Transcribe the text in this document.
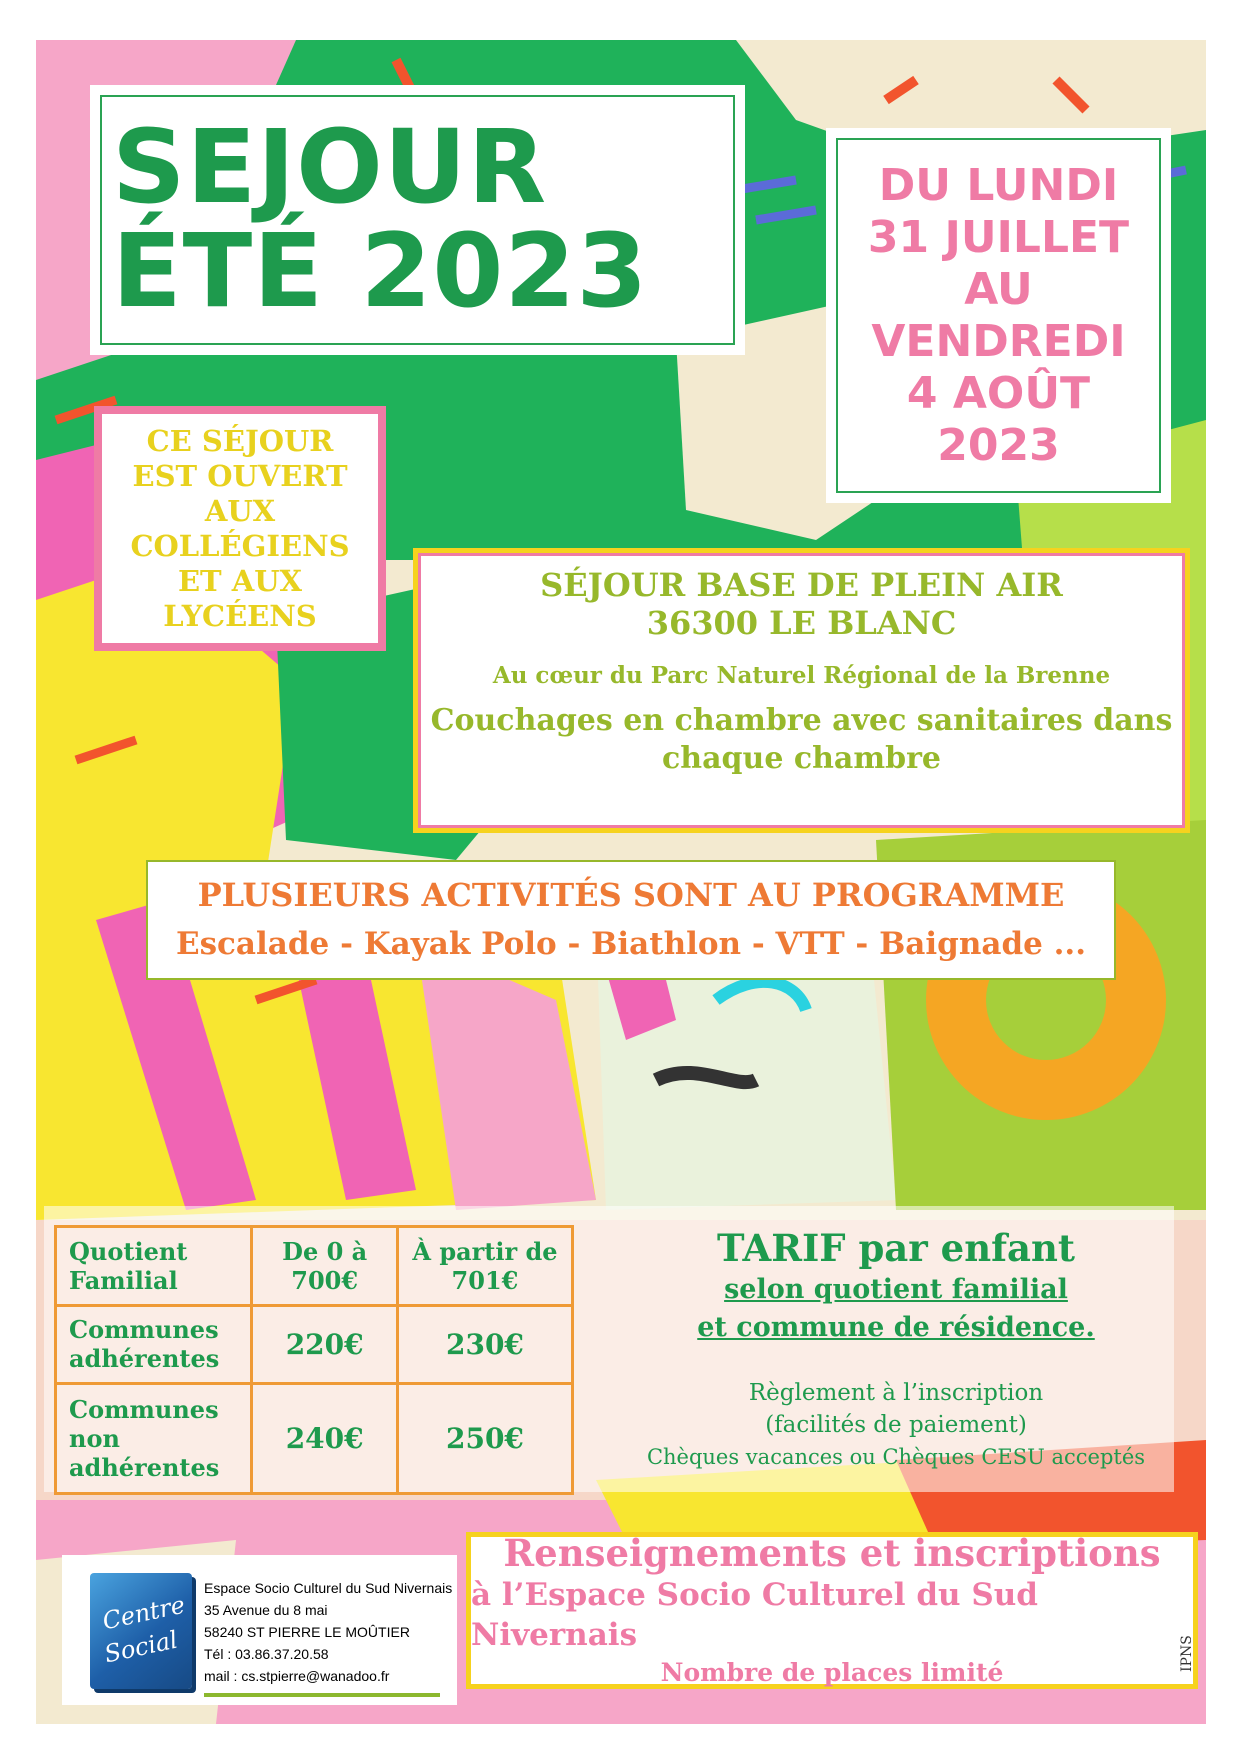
SEJOUR
ÉTÉ 2023
DU LUNDI
31 JUILLET
AU
VENDREDI
4 AOÛT
2023
CE SÉJOUR
EST OUVERT
AUX
COLLÉGIENS
ET AUX
LYCÉENS
SÉJOUR BASE DE PLEIN AIR
36300 LE BLANC
Au cœur du Parc Naturel Régional de la Brenne
Couchages en chambre avec sanitaires dans chaque chambre
PLUSIEURS ACTIVITÉS SONT AU PROGRAMME
Escalade - Kayak Polo - Biathlon - VTT - Baignade ...
Quotient Familial	De 0 à 700€	À partir de 701€
Communes adhérentes	220€	230€
Communes non adhérentes	240€	250€
TARIF par enfant
selon quotient familial
et commune de résidence.
Règlement à l’inscription
(facilités de paiement)
Chèques vacances ou Chèques CESU acceptés
Centre
Social
Espace Socio Culturel du Sud Nivernais
35 Avenue du 8 mai
58240 ST PIERRE LE MOÛTIER
Tél : 03.86.37.20.58
mail : cs.stpierre@wanadoo.fr
Renseignements et inscriptions
à l’Espace Socio Culturel du Sud Nivernais
Nombre de places limité	IPNS
